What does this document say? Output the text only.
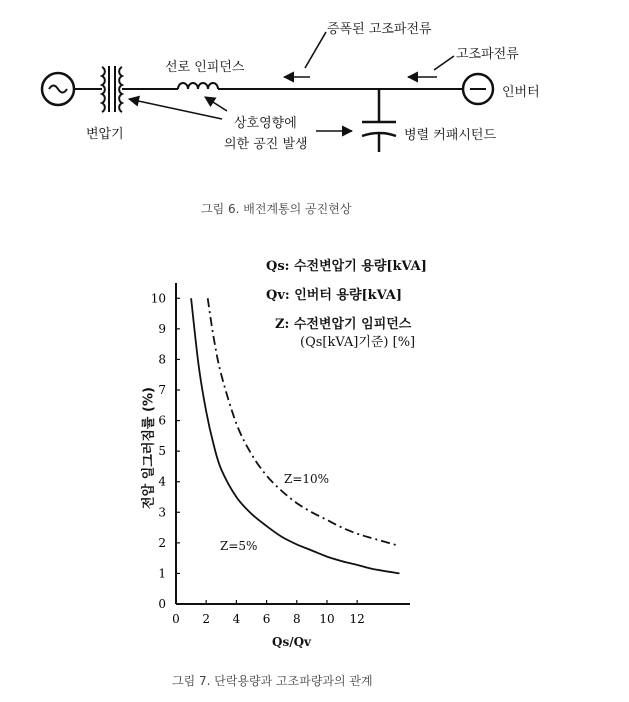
증폭된 고조파전류
고조파전류
선로 인피던스
인버터
변압기
상호영향에
의한 공진 발생
병렬 커패시턴드
그림 6. 배전계통의 공진현상
0
1
2
3
4
5
6
7
8
9
10
0 2 4 6 8 10 12
Qs: 수전변압기 용량[kVA]
Qv: 인버터 용량[kVA]
Z: 수전변압기 임피던스
(Qs[kVA]기준) [%]
전압 일그러짐률 (%)
Qs/Qv
Z=10%
Z=5%
그림 7. 단락용량과 고조파량과의 관계
